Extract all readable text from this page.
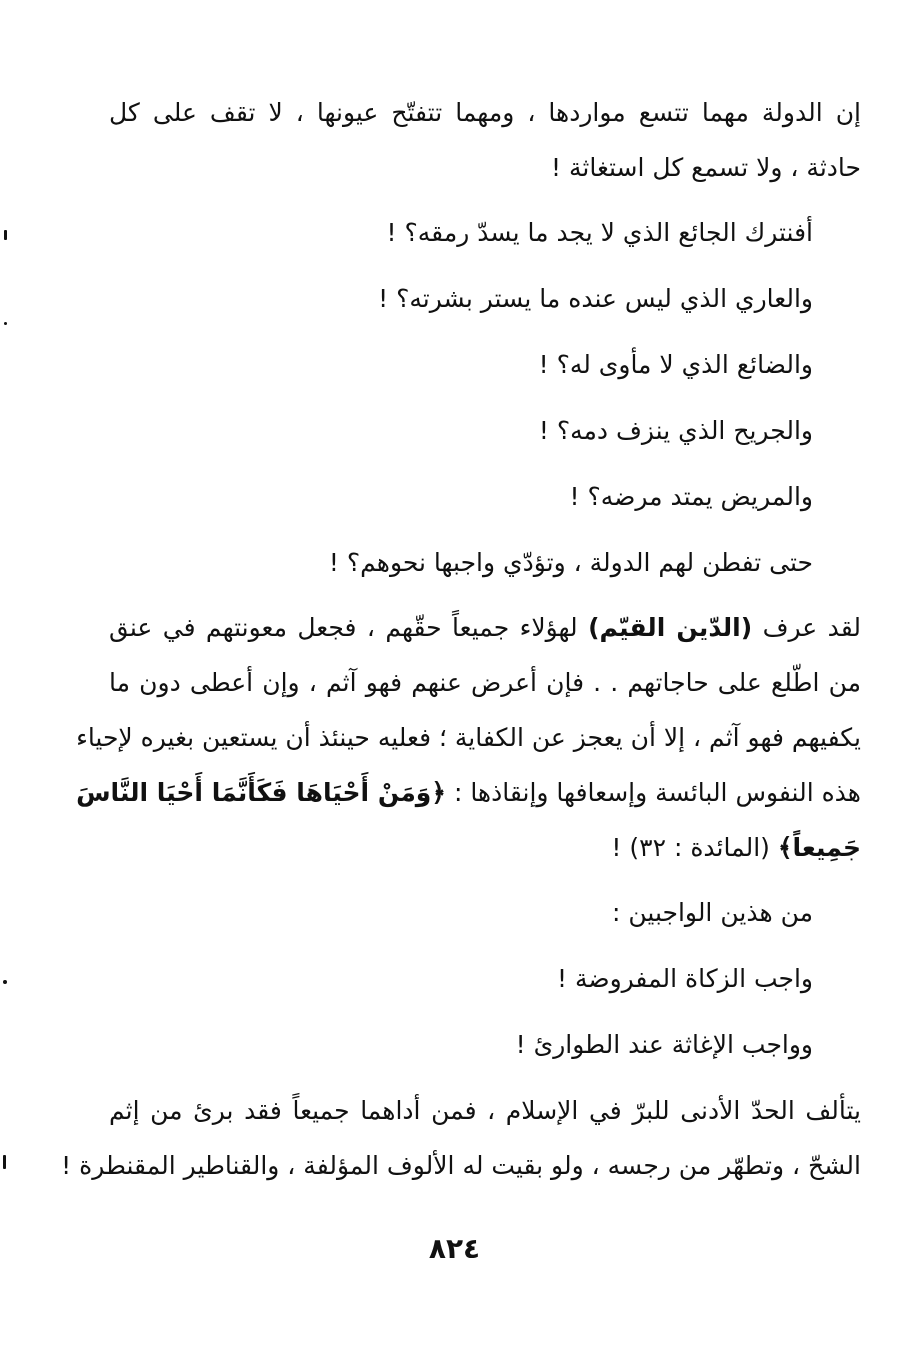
إن الدولة مهما تتسع مواردها ، ومهما تتفتّح عيونها ، لا تقف على كل
حادثة ، ولا تسمع كل استغاثة !
أفنترك الجائع الذي لا يجد ما يسدّ رمقه؟ !
والعاري الذي ليس عنده ما يستر بشرته؟ !
والضائع الذي لا مأوى له؟ !
والجريح الذي ينزف دمه؟ !
والمريض يمتد مرضه؟ !
حتى تفطن لهم الدولة ، وتؤدّي واجبها نحوهم؟ !
لقد عرف (الدّين القيّم) لهؤلاء جميعاً حقّهم ، فجعل معونتهم في عنق
من اطّلع على حاجاتهم . . فإن أعرض عنهم فهو آثم ، وإن أعطى دون ما
يكفيهم فهو آثم ، إلا أن يعجز عن الكفاية ؛ فعليه حينئذ أن يستعين بغيره لإحياء
هذه النفوس البائسة وإسعافها وإنقاذها : ﴿وَمَنْ أَحْيَاهَا فَكَأَنَّمَا أَحْيَا النَّاسَ
جَمِيعاً﴾ (المائدة : ٣٢) !
من هذين الواجبين :
واجب الزكاة المفروضة !
وواجب الإغاثة عند الطوارئ !
يتألف الحدّ الأدنى للبرّ في الإسلام ، فمن أداهما جميعاً فقد برئ من إثم
الشحّ ، وتطهّر من رجسه ، ولو بقيت له الألوف المؤلفة ، والقناطير المقنطرة !
٨٢٤
